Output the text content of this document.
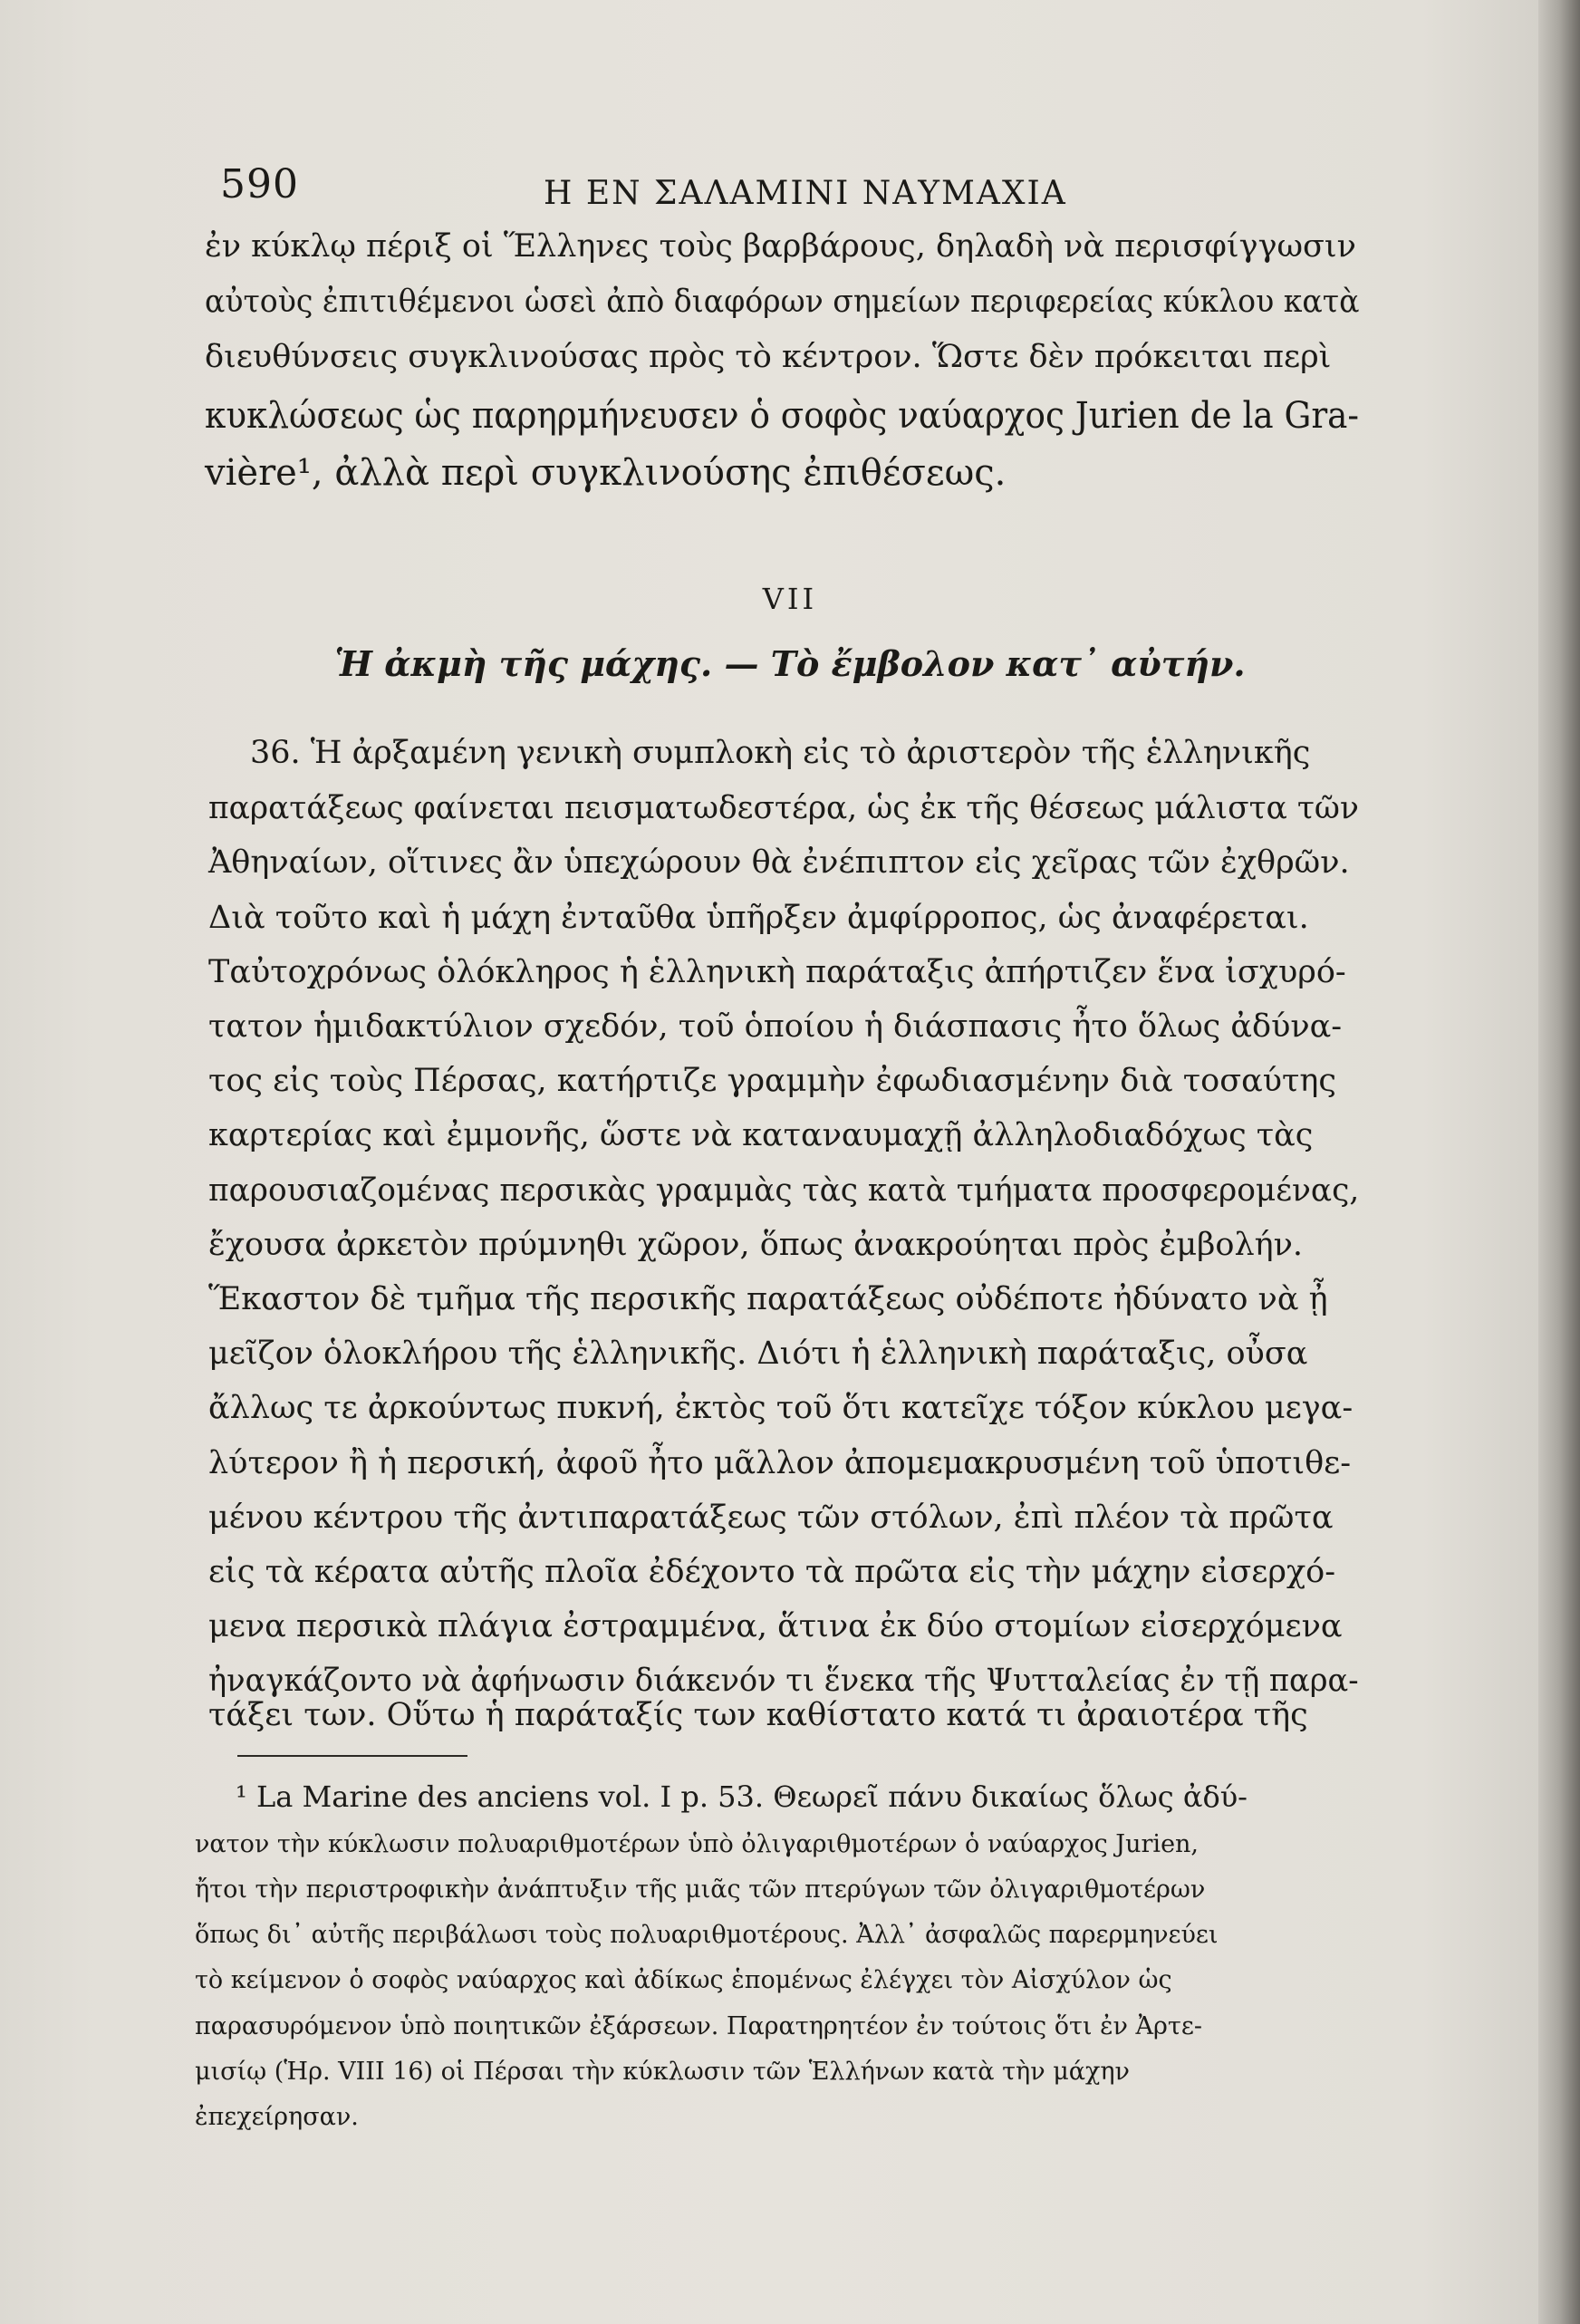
590	Η ΕΝ ΣΑΛΑΜΙΝΙ ΝΑΥΜΑΧΙΑ
ἐν κύκλῳ πέριξ οἱ Ἕλληνες τοὺς βαρβάρους, δηλαδὴ νὰ περισφίγγωσιν
αὐτοὺς ἐπιτιθέμενοι ὡσεὶ ἀπὸ διαφόρων σημείων περιφερείας κύκλου κατὰ
διευθύνσεις συγκλινούσας πρὸς τὸ κέντρον. Ὥστε δὲν πρόκειται περὶ
κυκλώσεως ὡς παρηρμήνευσεν ὁ σοφὸς ναύαρχος Jurien de la Gra-
vière¹, ἀλλὰ περὶ συγκλινούσης ἐπιθέσεως.
VII
Ἡ ἀκμὴ τῆς μάχης. — Τὸ ἔμβολον κατ᾿ αὐτήν.
36. Ἡ ἀρξαμένη γενικὴ συμπλοκὴ εἰς τὸ ἀριστερὸν τῆς ἑλληνικῆς
παρατάξεως φαίνεται πεισματωδεστέρα, ὡς ἐκ τῆς θέσεως μάλιστα τῶν
Ἀθηναίων, οἵτινες ἂν ὑπεχώρουν θὰ ἐνέπιπτον εἰς χεῖρας τῶν ἐχθρῶν.
Διὰ τοῦτο καὶ ἡ μάχη ἐνταῦθα ὑπῆρξεν ἀμφίρροπος, ὡς ἀναφέρεται.
Ταὐτοχρόνως ὁλόκληρος ἡ ἑλληνικὴ παράταξις ἀπήρτιζεν ἕνα ἰσχυρό-
τατον ἡμιδακτύλιον σχεδόν, τοῦ ὁποίου ἡ διάσπασις ἦτο ὅλως ἀδύνα-
τος εἰς τοὺς Πέρσας, κατήρτιζε γραμμὴν ἐφωδιασμένην διὰ τοσαύτης
καρτερίας καὶ ἐμμονῆς, ὥστε νὰ καταναυμαχῇ ἀλληλοδιαδόχως τὰς
παρουσιαζομένας περσικὰς γραμμὰς τὰς κατὰ τμήματα προσφερομένας,
ἔχουσα ἀρκετὸν πρύμνηθι χῶρον, ὅπως ἀνακρούηται πρὸς ἐμβολήν.
Ἕκαστον δὲ τμῆμα τῆς περσικῆς παρατάξεως οὐδέποτε ἠδύνατο νὰ ᾖ
μεῖζον ὁλοκλήρου τῆς ἑλληνικῆς. Διότι ἡ ἑλληνικὴ παράταξις, οὖσα
ἄλλως τε ἀρκούντως πυκνή, ἐκτὸς τοῦ ὅτι κατεῖχε τόξον κύκλου μεγα-
λύτερον ἢ ἡ περσική, ἀφοῦ ἦτο μᾶλλον ἀπομεμακρυσμένη τοῦ ὑποτιθε-
μένου κέντρου τῆς ἀντιπαρατάξεως τῶν στόλων, ἐπὶ πλέον τὰ πρῶτα
εἰς τὰ κέρατα αὐτῆς πλοῖα ἐδέχοντο τὰ πρῶτα εἰς τὴν μάχην εἰσερχό-
μενα περσικὰ πλάγια ἐστραμμένα, ἅτινα ἐκ δύο στομίων εἰσερχόμενα
ἠναγκάζοντο νὰ ἀφήνωσιν διάκενόν τι ἕνεκα τῆς Ψυτταλείας ἐν τῇ παρα-
τάξει των. Οὕτω ἡ παράταξίς των καθίστατο κατά τι ἀραιοτέρα τῆς
¹ La Marine des anciens vol. I p. 53. Θεωρεῖ πάνυ δικαίως ὅλως ἀδύ-
νατον τὴν κύκλωσιν πολυαριθμοτέρων ὑπὸ ὀλιγαριθμοτέρων ὁ ναύαρχος Jurien,
ἤτοι τὴν περιστροφικὴν ἀνάπτυξιν τῆς μιᾶς τῶν πτερύγων τῶν ὀλιγαριθμοτέρων
ὅπως δι᾿ αὐτῆς περιβάλωσι τοὺς πολυαριθμοτέρους. Ἀλλ᾿ ἀσφαλῶς παρερμηνεύει
τὸ κείμενον ὁ σοφὸς ναύαρχος καὶ ἀδίκως ἑπομένως ἐλέγχει τὸν Αἰσχύλον ὡς
παρασυρόμενον ὑπὸ ποιητικῶν ἐξάρσεων. Παρατηρητέον ἐν τούτοις ὅτι ἐν Ἀρτε-
μισίῳ (Ἡρ. VIII 16) οἱ Πέρσαι τὴν κύκλωσιν τῶν Ἑλλήνων κατὰ τὴν μάχην
ἐπεχείρησαν.
